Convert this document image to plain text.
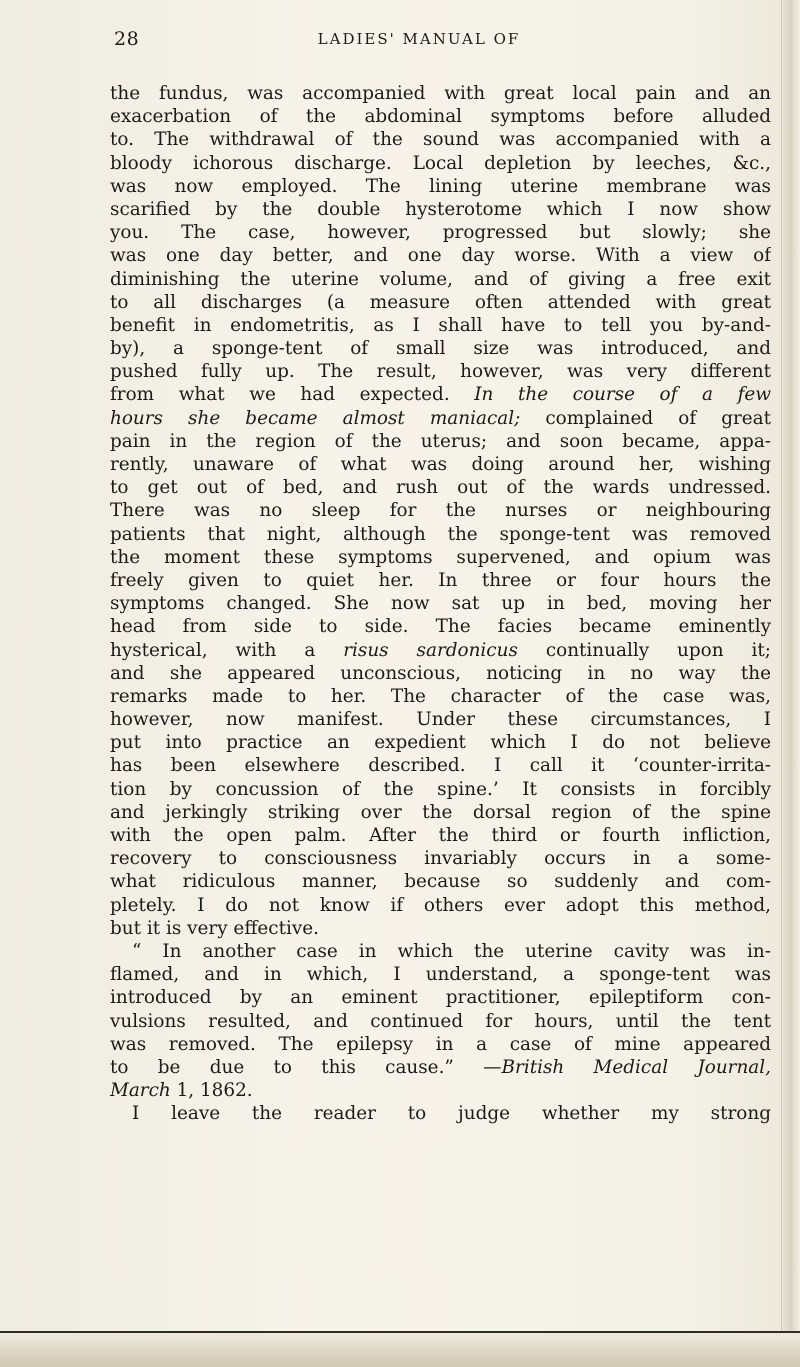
28	LADIES' MANUAL OF
the fundus, was accompanied with great local pain and an
exacerbation of the abdominal symptoms before alluded
to. The withdrawal of the sound was accompanied with a
bloody ichorous discharge. Local depletion by leeches, &c.,
was now employed. The lining uterine membrane was
scarified by the double hysterotome which I now show
you. The case, however, progressed but slowly; she
was one day better, and one day worse. With a view of
diminishing the uterine volume, and of giving a free exit
to all discharges (a measure often attended with great
benefit in endometritis, as I shall have to tell you by-and-
by), a sponge-tent of small size was introduced, and
pushed fully up. The result, however, was very different
from what we had expected. In the course of a few
hours she became almost maniacal; complained of great
pain in the region of the uterus; and soon became, appa-
rently, unaware of what was doing around her, wishing
to get out of bed, and rush out of the wards undressed.
There was no sleep for the nurses or neighbouring
patients that night, although the sponge-tent was removed
the moment these symptoms supervened, and opium was
freely given to quiet her. In three or four hours the
symptoms changed. She now sat up in bed, moving her
head from side to side. The facies became eminently
hysterical, with a risus sardonicus continually upon it;
and she appeared unconscious, noticing in no way the
remarks made to her. The character of the case was,
however, now manifest. Under these circumstances, I
put into practice an expedient which I do not believe
has been elsewhere described. I call it ‘counter-irrita-
tion by concussion of the spine.’ It consists in forcibly
and jerkingly striking over the dorsal region of the spine
with the open palm. After the third or fourth infliction,
recovery to consciousness invariably occurs in a some-
what ridiculous manner, because so suddenly and com-
pletely. I do not know if others ever adopt this method,
but it is very effective.
“ In another case in which the uterine cavity was in-
flamed, and in which, I understand, a sponge-tent was
introduced by an eminent practitioner, epileptiform con-
vulsions resulted, and continued for hours, until the tent
was removed. The epilepsy in a case of mine appeared
to be due to this cause.” —British Medical Journal,
March 1, 1862.
I leave the reader to judge whether my strong
